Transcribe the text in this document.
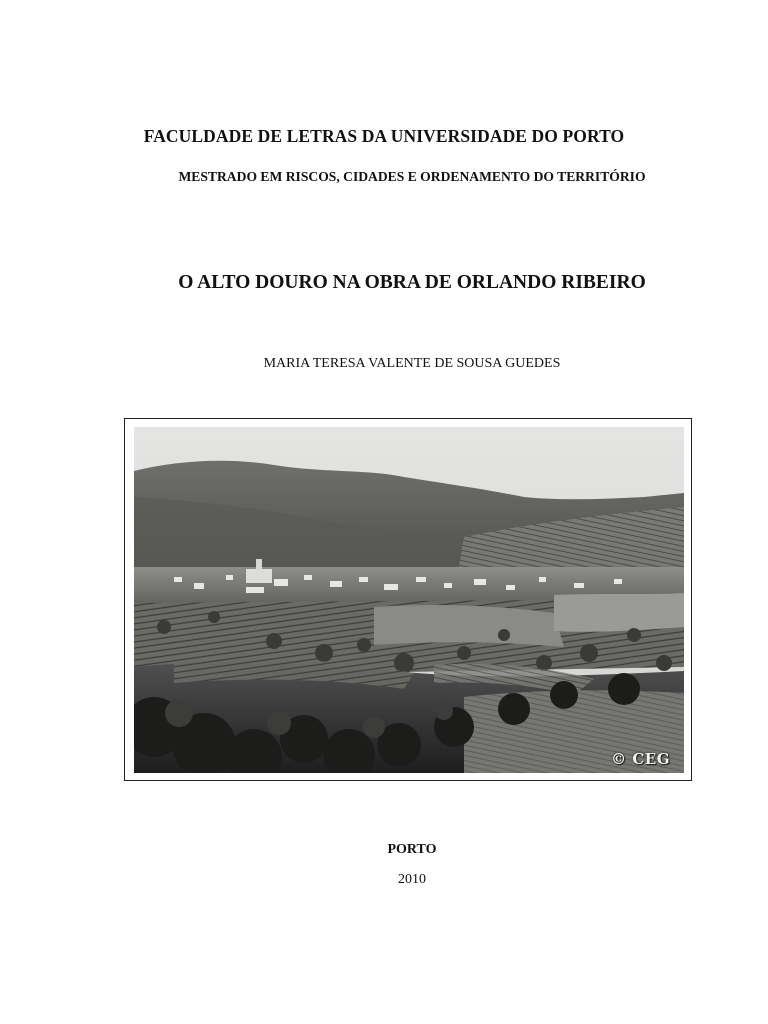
FACULDADE DE LETRAS DA UNIVERSIDADE DO PORTO
MESTRADO EM RISCOS, CIDADES E ORDENAMENTO DO TERRITÓRIO
O ALTO DOURO NA OBRA DE ORLANDO RIBEIRO
MARIA TERESA VALENTE DE SOUSA GUEDES
© CEG
PORTO
2010
